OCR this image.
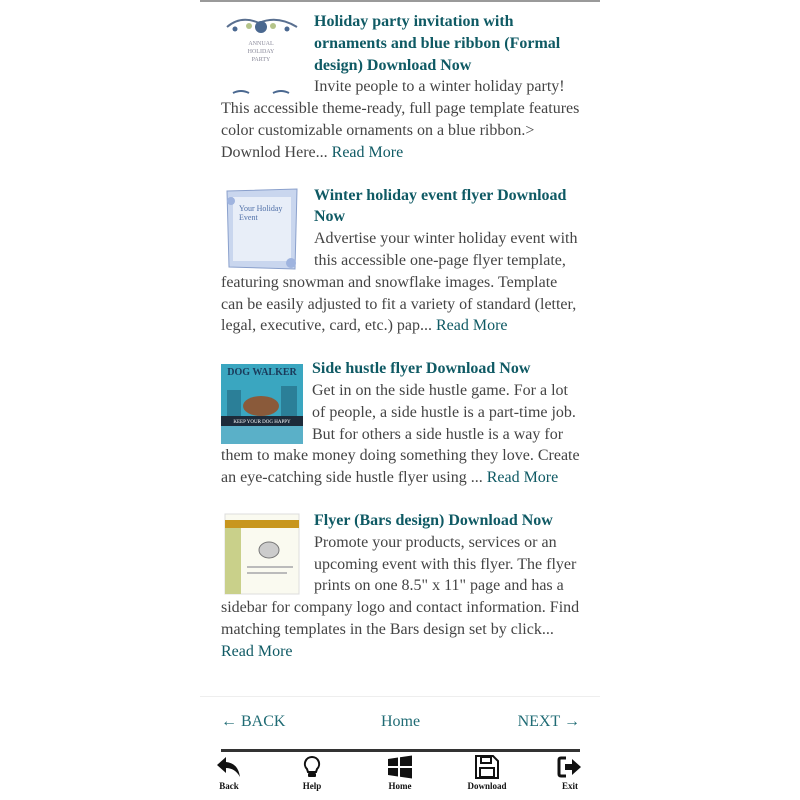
ANNUAL
HOLIDAY
PARTY
Holiday party invitation with ornaments and blue ribbon (Formal design) Download Now
Invite people to a winter holiday party! This accessible theme-ready, full page template features color customizable ornaments on a blue ribbon.>   Downlod Here... Read More
Your Holiday
Event
Winter holiday event flyer Download Now
Advertise your winter holiday event with this accessible one-page flyer template, featuring snowman and snowflake images. Template can be easily adjusted to fit a variety of standard (letter, legal, executive, card, etc.) pap... Read More
DOG WALKER
KEEP YOUR DOG HAPPY
Side hustle flyer Download Now
Get in on the side hustle game. For a lot of people, a side hustle is a part-time job. But for others a side hustle is a way for them to make money doing something they love. Create an eye-catching side hustle flyer using ... Read More
Flyer (Bars design) Download Now
Promote your products, services or an upcoming event with this flyer. The flyer prints on one 8.5" x 11" page and has a sidebar for company logo and contact information. Find matching templates in the Bars design set by click... Read More
← BACK	Home	NEXT →
Back	Help	Home	Download	Exit
